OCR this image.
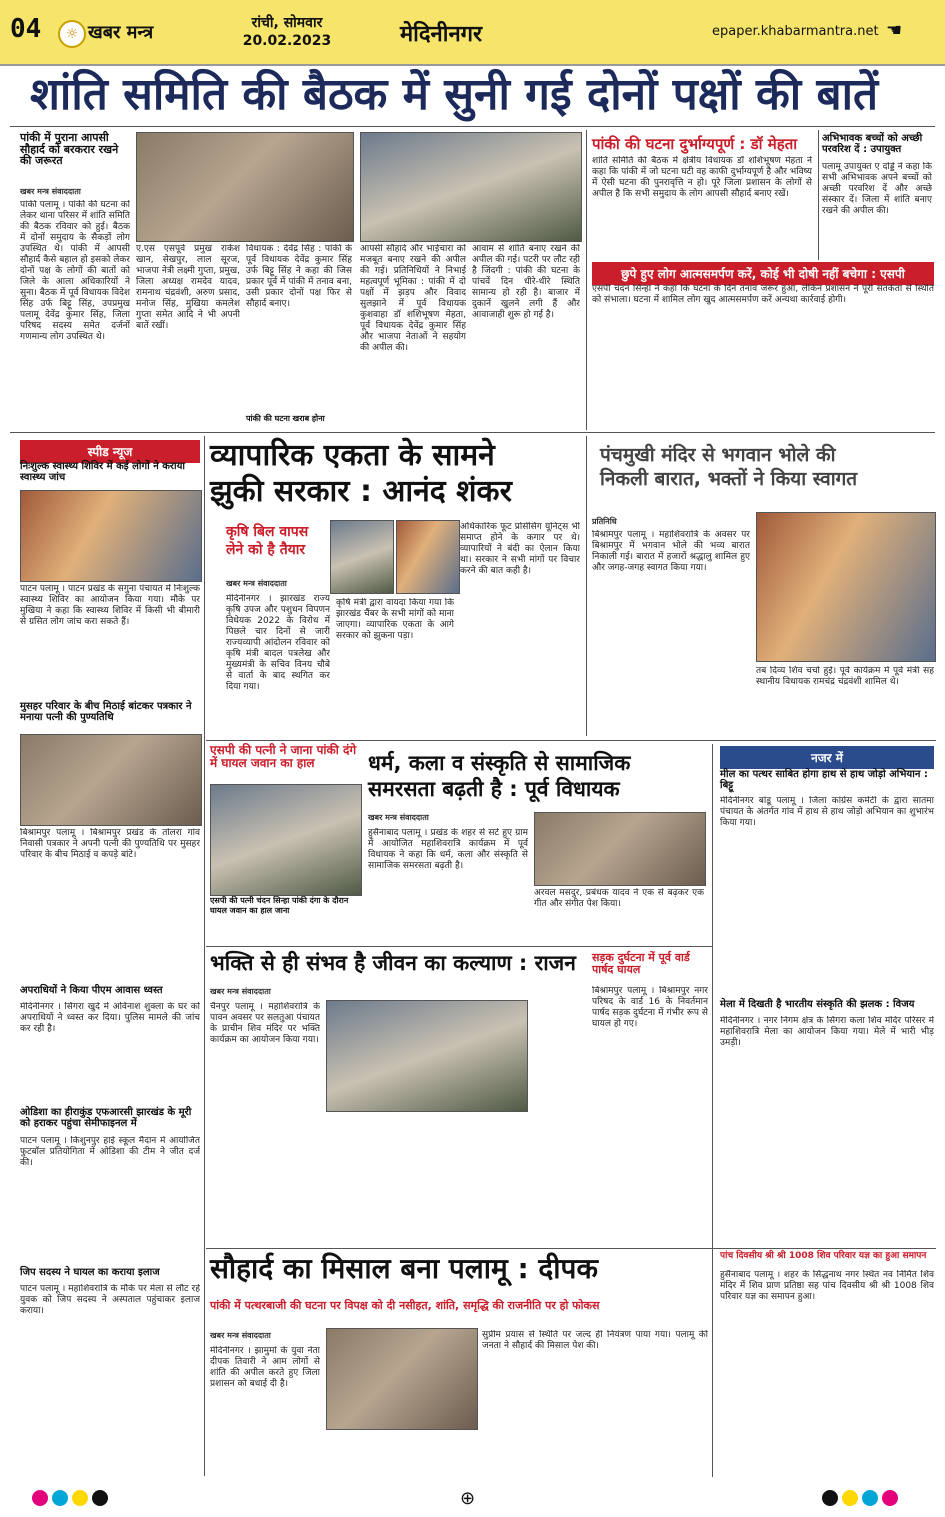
04	☼ खबर मन्त्र	रांची, सोमवार
20.02.2023	मेदिनीनगर	epaper.khabarmantra.net ☚
शांति समिति की बैठक में सुनी गई दोनों पक्षों की बातें
पांकी में पुराना आपसी सौहार्द को बरकरार रखने की जरूरत
खबर मन्त्र संवाददाता
पांकी पलामू । पांकी की घटना को लेकर थाना परिसर में शांति समिति की बैठक रविवार को हुई। बैठक में दोनों समुदाय के सैकड़ों लोग उपस्थित थे। पांकी में आपसी सौहार्द कैसे बहाल हो इसको लेकर दोनों पक्ष के लोगों की बातों को जिले के आला अधिकारियों ने सुना। बैठक में पूर्व विधायक विदेश सिंह उर्फ बिट्टू सिंह, उपप्रमुख पलामू देवेंद्र कुमार सिंह, जिला परिषद सदस्य समेत दर्जनों गणमान्य लोग उपस्थित थे।
ए.एस एसपूर्व प्रमुख राकेश खान, सेखपुर, लाल सूरज, भाजपा नेत्री लक्ष्मी गुप्ता, प्रमुख, जिला अध्यक्ष रामदेव यादव, रामनाथ चंद्रवंशी, अरुण प्रसाद, मनोज सिंह, मुखिया कमलेश गुप्ता समेत आदि ने भी अपनी बातें रखीं।
विधायक : देवेंद्र सिंह : पांकी के पूर्व विधायक देवेंद्र कुमार सिंह उर्फ बिट्टू सिंह ने कहा की जिस प्रकार पूर्व में पांकी में तनाव बना, उसी प्रकार दोनों पक्ष फिर से सौहार्द बनाए।
पांकी की घटना खराब होना
आपसी सौहार्द और भाईचारा को मजबूत बनाए रखने की अपील की गई। प्रतिनिधियों ने निभाई महत्वपूर्ण भूमिका : पांकी में दो पक्षों में झड़प और विवाद सुलझाने में पूर्व विधायक कुशवाहा डॉ शशिभूषण मेहता, पूर्व विधायक देवेंद्र कुमार सिंह और भाजपा नेताओं ने सहयोग की अपील की।
आवाम से शांति बनाए रखने की अपील की गई। पटरी पर लौट रही है जिंदगी : पांकी की घटना के पांचवें दिन धीरे-धीरे स्थिति सामान्य हो रही है। बाजार में दुकानें खुलने लगी हैं और आवाजाही शुरू हो गई है।
पांकी की घटना दुर्भाग्यपूर्ण : डॉ मेहता
शांति समिति की बैठक में क्षेत्रीय विधायक डॉ शशिभूषण मेहता ने कहा कि पांकी में जो घटना घटी वह काफी दुर्भाग्यपूर्ण है और भविष्य में ऐसी घटना की पुनरावृत्ति न हो। पूरे जिला प्रशासन के लोगों से अपील है कि सभी समुदाय के लोग आपसी सौहार्द बनाए रखें।
अभिभावक बच्चों को अच्छी परवरिश दें : उपायुक्त
पलामू उपायुक्त ए दोड्डे ने कहा कि सभी अभिभावक अपने बच्चों को अच्छी परवरिश दें और अच्छे संस्कार दें। जिला में शांति बनाए रखने की अपील की।
छुपे हुए लोग आत्मसमर्पण करें, कोई भी दोषी नहीं बचेगा : एसपी
एसपी चंदन सिन्हा ने कहा कि घटना के दिन तनाव जरूर हुआ, लेकिन प्रशासन ने पूरी सतर्कता से स्थिति को संभाला। घटना में शामिल लोग खुद आत्मसमर्पण करें अन्यथा कार्रवाई होगी।
स्पीड न्यूज
निःशुल्क स्वास्थ्य शिविर में कई लोगों ने कराया स्वास्थ्य जांच
पाटन पलामू । पाटन प्रखंड के सगुना पंचायत में निःशुल्क स्वास्थ्य शिविर का आयोजन किया गया। मौके पर मुखिया ने कहा कि स्वास्थ्य शिविर में किसी भी बीमारी से ग्रसित लोग जांच करा सकते हैं।
मुसहर परिवार के बीच मिठाई बांटकर पत्रकार ने मनाया पत्नी की पुण्यतिथि
बिश्रामपुर पलामू । बिश्रामपुर प्रखंड के तोलरा गांव निवासी पत्रकार ने अपनी पत्नी की पुण्यतिथि पर मुसहर परिवार के बीच मिठाई व कपड़े बांटे।
अपराधियों ने किया पीएम आवास ध्वस्त
मेदिनीनगर । सिंगरा खुर्द में अविनाश शुक्ला के घर को अपराधियों ने ध्वस्त कर दिया। पुलिस मामले की जांच कर रही है।
ओडिशा का हीराकुंड एफआरसी झारखंड के मूरी को हराकर पहुंचा सेमीफाइनल में
पाटन पलामू । किशुनपुर हाई स्कूल मैदान में आयोजित फुटबॉल प्रतियोगिता में ओडिशा की टीम ने जीत दर्ज की।
जिप सदस्य ने घायल का कराया इलाज
पाटन पलामू । महाशिवरात्रि के मौके पर मेला से लौट रहे युवक को जिप सदस्य ने अस्पताल पहुंचाकर इलाज कराया।
व्यापारिक एकता के सामने
झुकी सरकार : आनंद शंकर
कृषि बिल वापस
लेने को है तैयार
खबर मन्त्र संवाददाता
मेदिनीनगर । झारखंड राज्य कृषि उपज और पशुधन विपणन विधेयक 2022 के विरोध में पिछले चार दिनों से जारी राज्यव्यापी आंदोलन रविवार को कृषि मंत्री बादल पत्रलेख और मुख्यमंत्री के सचिव विनय चौबे से वार्ता के बाद स्थगित कर दिया गया।
कृषि मंत्री द्वारा वायदा किया गया कि झारखंड चैंबर के सभी मांगों को माना जाएगा। व्यापारिक एकता के आगे सरकार को झुकना पड़ा।
अधिकारिक फूट प्रोसेसिंग यूनिट्स भी समाप्त होने के कगार पर थे। व्यापारियों ने बंदी का ऐलान किया था। सरकार ने सभी मांगों पर विचार करने की बात कही है।
पंचमुखी मंदिर से भगवान भोले की
निकली बारात, भक्तों ने किया स्वागत
प्रतिनिधि
बिश्रामपुर पलामू । महाशिवरात्रि के अवसर पर बिश्रामपुर में भगवान भोले की भव्य बारात निकाली गई। बारात में हजारों श्रद्धालु शामिल हुए और जगह-जगह स्वागत किया गया।
तब दिव्य शिव चर्चा हुई। पूर्व कार्यक्रम में पूर्व मंत्री सह स्थानीय विधायक रामचंद्र चंद्रवंशी शामिल थे।
एसपी की पत्नी ने जाना पांकी दंगे में घायल जवान का हाल
एसपी की पत्नी चंदन सिन्हा पांकी दंगा के दौरान घायल जवान का हाल जाना
धर्म, कला व संस्कृति से सामाजिक
समरसता बढ़ती है : पूर्व विधायक
खबर मन्त्र संवाददाता
हुसैनाबाद पलामू । प्रखंड के शहर से सटे हुए ग्राम में आयोजित महाशिवरात्रि कार्यक्रम में पूर्व विधायक ने कहा कि धर्म, कला और संस्कृति से सामाजिक समरसता बढ़ती है।
अरवल मसदुर, प्रबंधक यादव ने एक से बढ़कर एक गीत और संगीत पेश किया।
नजर में
मील का पत्थर साबित होगा हाथ से हाथ जोड़ो अभियान : बिट्टू
मेदिनीनगर बांडू पलामू । जिला कांग्रेस कमेटी के द्वारा सातमा पंचायत के अंतर्गत गांव में हाथ से हाथ जोड़ो अभियान का शुभारंभ किया गया।
मेला में दिखती है भारतीय संस्कृति की झलक : विजय
मेदिनीनगर । नगर निगम क्षेत्र के सिंगरा कला शिव मंदिर परिसर में महाशिवरात्रि मेला का आयोजन किया गया। मेले में भारी भीड़ उमड़ी।
भक्ति से ही संभव है जीवन का कल्याण : राजन
खबर मन्त्र संवाददाता
चैनपुर पलामू । महाशिवरात्रि के पावन अवसर पर सलतुआ पंचायत के प्राचीन शिव मंदिर पर भक्ति कार्यक्रम का आयोजन किया गया।
सड़क दुर्घटना में पूर्व वार्ड पार्षद घायल
बिश्रामपुर पलामू । बिश्रामपुर नगर परिषद के वार्ड 16 के निवर्तमान पार्षद सड़क दुर्घटना में गंभीर रूप से घायल हो गए।
पांच दिवसीय श्री श्री 1008 शिव परिवार यज्ञ का हुआ समापन
हुसैनाबाद पलामू । शहर के सिद्धनाथ नगर स्थित नव निर्मित शिव मंदिर में शिव प्राण प्रतिष्ठा सह पांच दिवसीय श्री श्री 1008 शिव परिवार यज्ञ का समापन हुआ।
सौहार्द का मिसाल बना पलामू : दीपक
पांकी में पत्थरबाजी की घटना पर विपक्ष को दी नसीहत, शांति, समृद्धि की राजनीति पर हो फोकस
खबर मन्त्र संवाददाता
मेदिनीनगर । झामुमो के युवा नेता दीपक तिवारी ने आम लोगों से शांति की अपील करते हुए जिला प्रशासन को बधाई दी है।
सुप्रीम प्रयास से स्थिति पर जल्द ही नियंत्रण पाया गया। पलामू की जनता ने सौहार्द की मिसाल पेश की।
⊕
